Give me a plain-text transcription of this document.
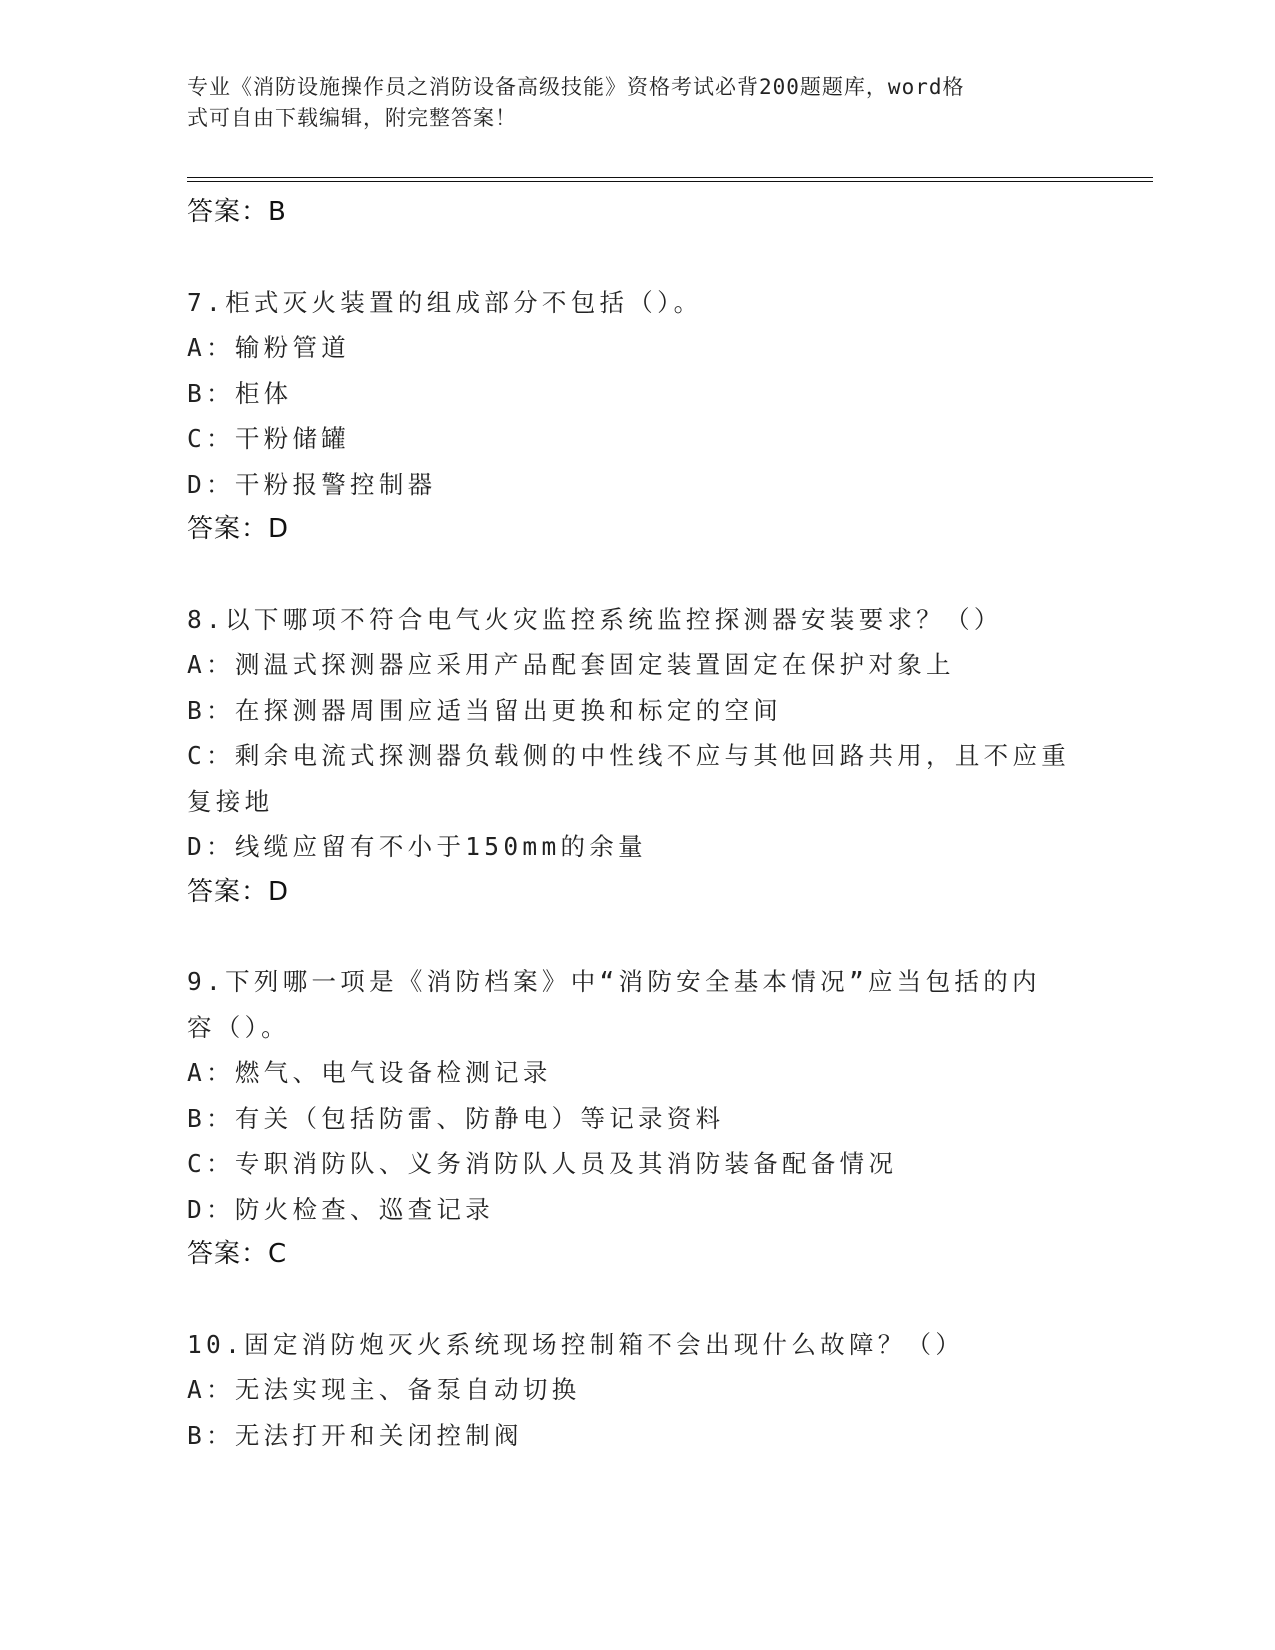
专业《消防设施操作员之消防设备高级技能》资格考试必背200题题库，word格
式可自由下载编辑，附完整答案！
答案：B
7.柜式灭火装置的组成部分不包括（）。
A：输粉管道
B：柜体
C：干粉储罐
D：干粉报警控制器
答案：D
8.以下哪项不符合电气火灾监控系统监控探测器安装要求？（）
A：测温式探测器应采用产品配套固定装置固定在保护对象上
B：在探测器周围应适当留出更换和标定的空间
C：剩余电流式探测器负载侧的中性线不应与其他回路共用，且不应重
复接地
D：线缆应留有不小于150mm的余量
答案：D
9.下列哪一项是《消防档案》中“消防安全基本情况”应当包括的内
容（）。
A：燃气、电气设备检测记录
B：有关（包括防雷、防静电）等记录资料
C：专职消防队、义务消防队人员及其消防装备配备情况
D：防火检查、巡查记录
答案：C
10.固定消防炮灭火系统现场控制箱不会出现什么故障？（）
A：无法实现主、备泵自动切换
B：无法打开和关闭控制阀
